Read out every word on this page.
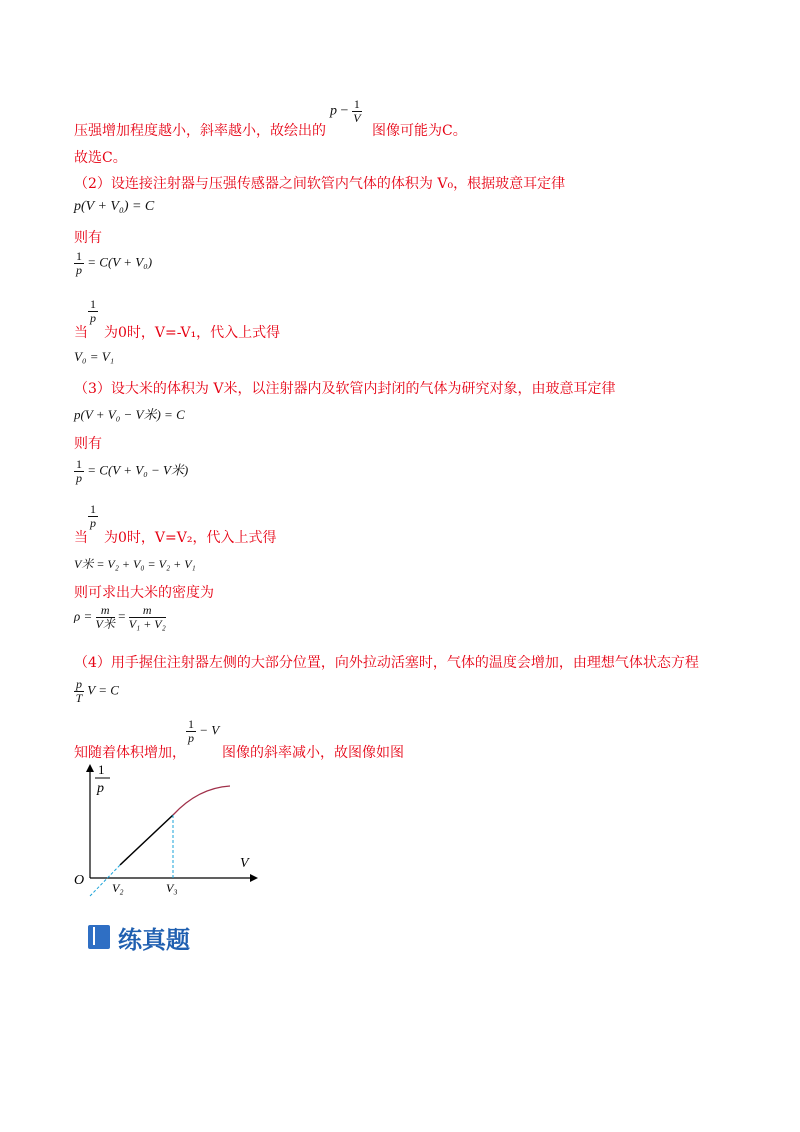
压强增加程度越小，斜率越小，故绘出的
$p - \frac{1}{V}$
图像可能为C。
故选C。
（2）设连接注射器与压强传感器之间软管内气体的体积为 V₀，根据玻意耳定律
p(V + V₀) = C
则有
$\frac{1}{p} = C(V + V_0)$
$\frac{1}{p}$
当 为0时，V=-V₁，代入上式得
V₀ = V₁
（3）设大米的体积为 V米，以注射器内及软管内封闭的气体为研究对象，由玻意耳定律
p(V + V₀ − V米) = C
则有
$\frac{1}{p} = C(V + V_0 - V$米)
$\frac{1}{p}$
当 为0时，V=V₂，代入上式得
V米 = V₂ + V₀ = V₂ + V₁
则可求出大米的密度为
$\rho = \frac{m}{\text{V米}} = \frac{m}{\text{V₁ + V₂}}$
（4）用手握住注射器左侧的大部分位置，向外拉动活塞时，气体的温度会增加，由理想气体状态方程
$\frac{p}{T}$ V = C
知随着体积增加，
$\frac{1}{p} - V$
图像的斜率减小，故图像如图
1
p
V
O V₂	V₃
练真题
